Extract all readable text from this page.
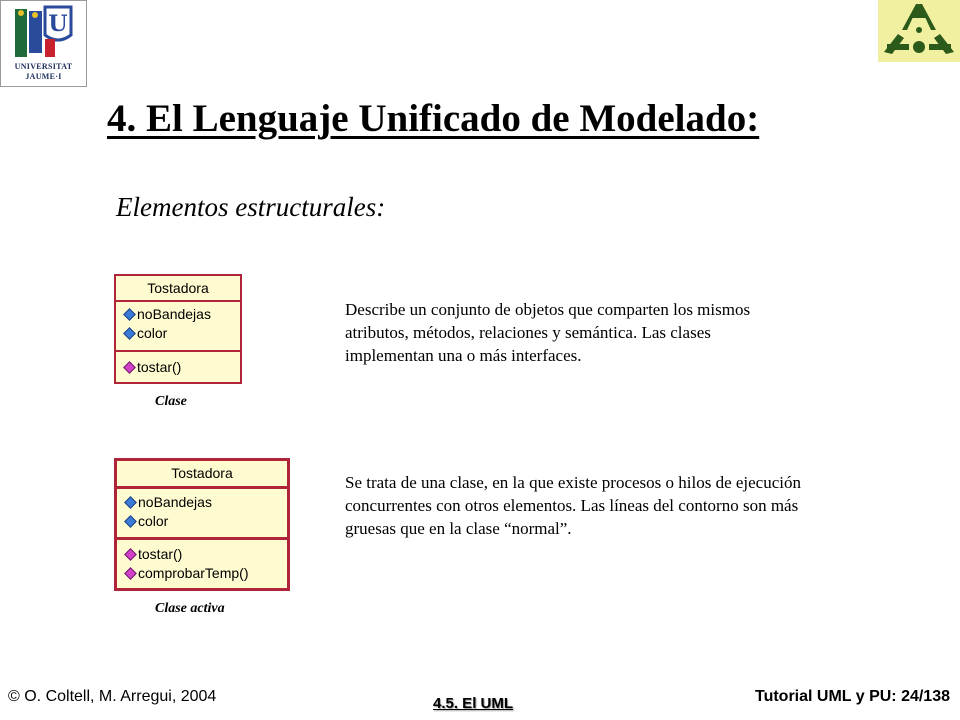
U
UNIVERSITAT
JAUME·I
4. El Lenguaje Unificado de Modelado:
Elementos estructurales:
Tostadora
noBandejas
color
tostar()
Clase
Describe un conjunto de objetos que comparten los mismos atributos, métodos, relaciones y semántica. Las clases implementan una o más interfaces.
Tostadora
noBandejas
color
tostar()
comprobarTemp()
Clase activa
Se trata de una clase, en la que existe procesos o hilos de ejecución concurrentes con otros elementos. Las líneas del contorno son más gruesas que en la clase “normal”.
© O. Coltell, M. Arregui, 2004	4.5. El UML	Tutorial UML y PU: 24/138
